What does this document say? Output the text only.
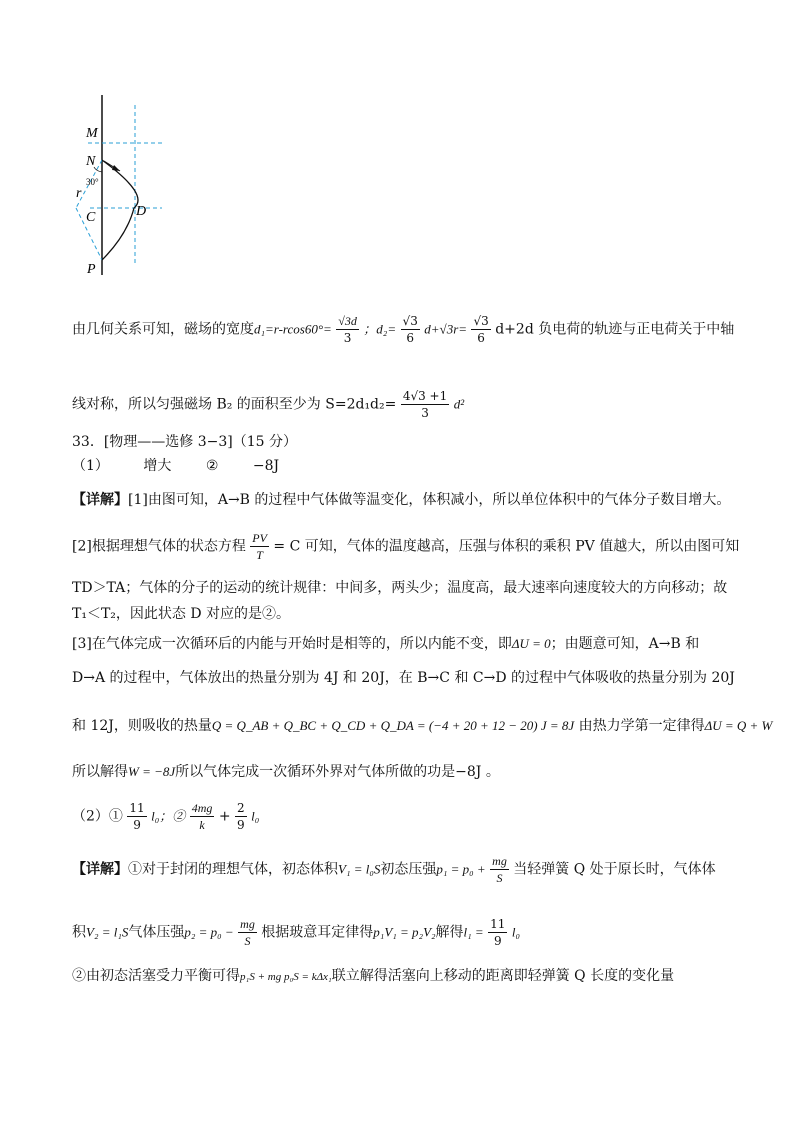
M
N
30°
r
C	D
P
由几何关系可知，磁场的宽度$d_1=r-rcos60^\circ= \frac{√3d}{3}$ ；$d_2= \frac{√3}{6} d+√3r= \frac{√3}{6} d+2d$ 负电荷的轨迹与正电荷关于中轴
线对称，所以匀强磁场 B₂ 的面积至少为 $S=2d_1d_2= \frac{4√3 +1}{3} d^2$
33．[物理——选修 3−3]（15 分）
（1） 增大 ② −8J
【详解】[1]由图可知，A→B 的过程中气体做等温变化，体积减小，所以单位体积中的气体分子数目增大。
[2]根据理想气体的状态方程 $\frac{PV}{T} = C$ 可知，气体的温度越高，压强与体积的乘积 PV 值越大，所以由图可知
TD＞TA；气体的分子的运动的统计规律：中间多，两头少；温度高，最大速率向速度较大的方向移动；故
T₁＜T₂，因此状态 D 对应的是②。
[3]在气体完成一次循环后的内能与开始时是相等的，所以内能不变，即ΔU = 0；由题意可知，A→B 和
D→A 的过程中，气体放出的热量分别为 4J 和 20J，在 B→C 和 C→D 的过程中气体吸收的热量分别为 20J
和 12J，则吸收的热量Q = Q_AB + Q_BC + Q_CD + Q_DA = (−4 + 20 + 12 − 20) J = 8J 由热力学第一定律得ΔU = Q + W
所以解得W = −8J所以气体完成一次循环外界对气体所做的功是−8J 。
（2）① $\frac{11}{9} l_0$；② $\frac{4mg}{k} + \frac{2}{9} l_0$
【详解】①对于封闭的理想气体，初态体积V₁ = l₀S初态压强$p_1 = p_0 + \frac{mg}{S}$ 当轻弹簧 Q 处于原长时，气体体
积V₂ = l₁S气体压强$p_2 = p_0 - \frac{mg}{S}$ 根据玻意耳定律得p₁V₁ = p₂V₂解得$l_1 = \frac{11}{9} l_0$
②由初态活塞受力平衡可得p₁S + mg p₀S = kΔx₁联立解得活塞向上移动的距离即轻弹簧 Q 长度的变化量
